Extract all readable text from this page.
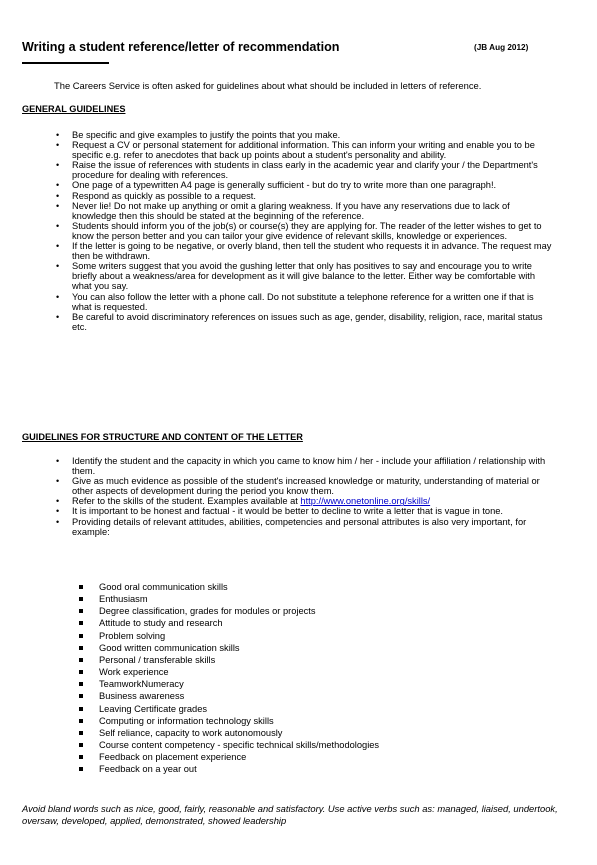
Writing a student reference/letter of recommendation	(JB Aug 2012)
The Careers Service is often asked for guidelines about what should be included in letters of reference.
GENERAL GUIDELINES
• Be specific and give examples to justify the points that you make.
• Request a CV or personal statement for additional information. This can inform your writing and enable you to be specific e.g. refer to anecdotes that back up points about a student's personality and ability.
• Raise the issue of references with students in class early in the academic year and clarify your / the Department's procedure for dealing with references.
• One page of a typewritten A4 page is generally sufficient - but do try to write more than one paragraph!.
• Respond as quickly as possible to a request.
• Never lie! Do not make up anything or omit a glaring weakness. If you have any reservations due to lack of knowledge then this should be stated at the beginning of the reference.
• Students should inform you of the job(s) or course(s) they are applying for. The reader of the letter wishes to get to know the person better and you can tailor your give evidence of relevant skills, knowledge or experiences.
• If the letter is going to be negative, or overly bland, then tell the student who requests it in advance. The request may then be withdrawn.
• Some writers suggest that you avoid the gushing letter that only has positives to say and encourage you to write briefly about a weakness/area for development as it will give balance to the letter. Either way be comfortable with what you say.
• You can also follow the letter with a phone call. Do not substitute a telephone reference for a written one if that is what is requested.
• Be careful to avoid discriminatory references on issues such as age, gender, disability, religion, race, marital status etc.
GUIDELINES FOR STRUCTURE AND CONTENT OF THE LETTER
• Identify the student and the capacity in which you came to know him / her - include your affiliation / relationship with them.
• Give as much evidence as possible of the student's increased knowledge or maturity, understanding of material or other aspects of development during the period you know them.
• Refer to the skills of the student. Examples available at http://www.onetonline.org/skills/
• It is important to be honest and factual - it would be better to decline to write a letter that is vague in tone.
• Providing details of relevant attitudes, abilities, competencies and personal attributes is also very important, for example:
Good oral communication skills
Enthusiasm
Degree classification, grades for modules or projects
Attitude to study and research
Problem solving
Good written communication skills
Personal / transferable skills
Work experience
TeamworkNumeracy
Business awareness
Leaving Certificate grades
Computing or information technology skills
Self reliance, capacity to work autonomously
Course content competency - specific technical skills/methodologies
Feedback on placement experience
Feedback on a year out
Avoid bland words such as nice, good, fairly, reasonable and satisfactory. Use active verbs such as: managed, liaised, undertook, oversaw, developed, applied, demonstrated, showed leadership
